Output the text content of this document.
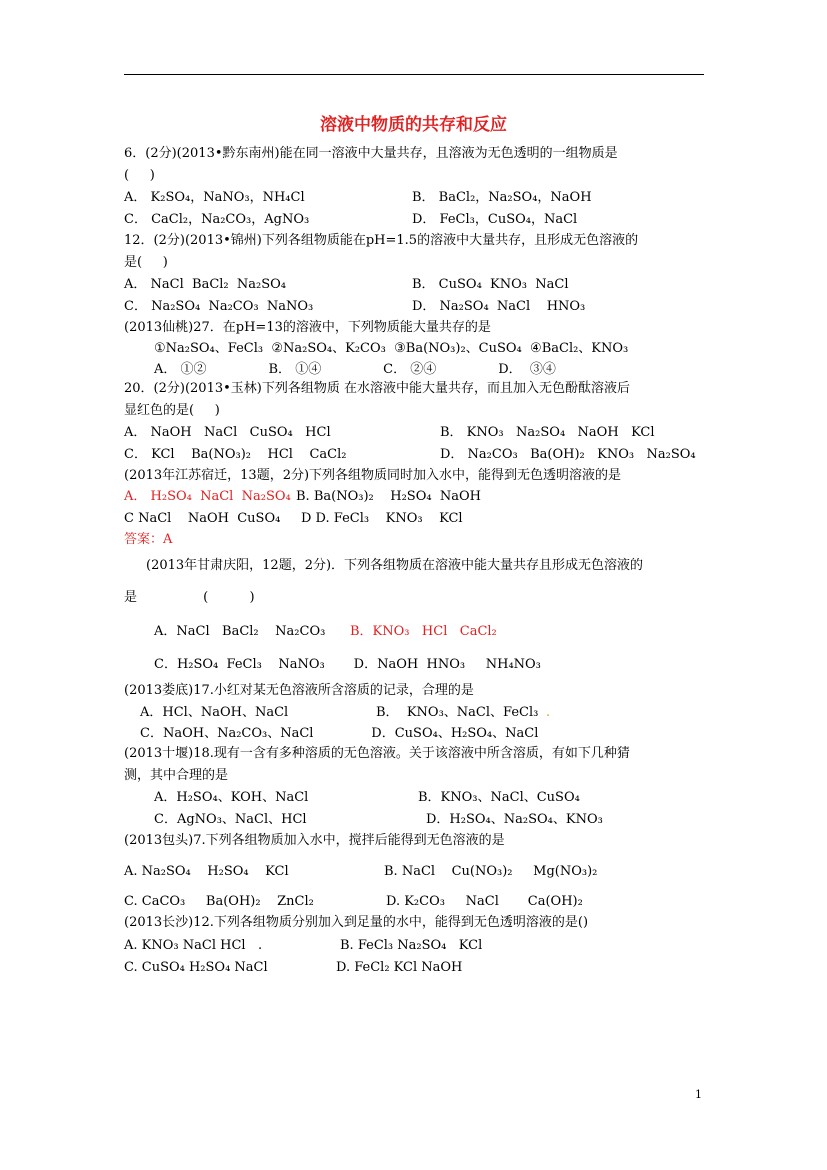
溶液中物质的共存和反应
6．(2分)(2013•黔东南州)能在同一溶液中大量共存，且溶液为无色透明的一组物质是
(     )
A． K₂SO₄，NaNO₃，NH₄Cl	B． BaCl₂，Na₂SO₄，NaOH
C． CaCl₂，Na₂CO₃，AgNO₃	D． FeCl₃，CuSO₄，NaCl
12．(2分)(2013•锦州)下列各组物质能在pH=1.5的溶液中大量共存，且形成无色溶液的
是(     )
A． NaCl  BaCl₂  Na₂SO₄	B． CuSO₄  KNO₃  NaCl
C． Na₂SO₄  Na₂CO₃  NaNO₃	D． Na₂SO₄  NaCl    HNO₃
(2013仙桃)27．在pH=13的溶液中，下列物质能大量共存的是
①Na₂SO₄、FeCl₃  ②Na₂SO₄、K₂CO₃  ③Ba(NO₃)₂、CuSO₄  ④BaCl₂、KNO₃
A． ①②               B． ①④               C． ②④               D．  ③④
20．(2分)(2013•玉林)下列各组物质 在水溶液中能大量共存，而且加入无色酚酞溶液后
显红色的是(     )
A． NaOH   NaCl   CuSO₄   HCl	B． KNO₃   Na₂SO₄   NaOH   KCl
C． KCl    Ba(NO₃)₂    HCl    CaCl₂	D． Na₂CO₃   Ba(OH)₂   KNO₃   Na₂SO₄
(2013年江苏宿迁，13题，2分)下列各组物质同时加入水中，能得到无色透明溶液的是
A． H₂SO₄  NaCl  Na₂SO₄ B. Ba(NO₃)₂    H₂SO₄  NaOH
C NaCl    NaOH  CuSO₄     D D. FeCl₃    KNO₃    KCl
答案：A
(2013年甘肃庆阳，12题，2分)．下列各组物质在溶液中能大量共存且形成无色溶液的
是                (          )
A．NaCl   BaCl₂    Na₂CO₃ B．KNO₃   HCl   CaCl₂
C．H₂SO₄  FeCl₃    NaNO₃       D．NaOH  HNO₃     NH₄NO₃
(2013娄底)17.小红对某无色溶液所含溶质的记录，合理的是
A．HCl、NaOH、NaCl	B．  KNO₃、NaCl、FeCl₃ .
C．NaOH、Na₂CO₃、NaCl              D．CuSO₄、H₂SO₄、NaCl
(2013十堰)18.现有一含有多种溶质的无色溶液。关于该溶液中所含溶质，有如下几种猜
测，其中合理的是
A．H₂SO₄、KOH、NaCl	B．KNO₃、NaCl、CuSO₄
C．AgNO₃、NaCl、HCl	D．H₂SO₄、Na₂SO₄、KNO₃
(2013包头)7.下列各组物质加入水中，搅拌后能得到无色溶液的是
A. Na₂SO₄    H₂SO₄    KCl	B. NaCl    Cu(NO₃)₂     Mg(NO₃)₂
C. CaCO₃     Ba(OH)₂    ZnCl₂	D. K₂CO₃     NaCl       Ca(OH)₂
(2013长沙)12.下列各组物质分别加入到足量的水中，能得到无色透明溶液的是()
A. KNO₃ NaCl HCl   .	B. FeCl₃ Na₂SO₄   KCl
C. CuSO₄ H₂SO₄ NaCl	D. FeCl₂ KCl NaOH
1
